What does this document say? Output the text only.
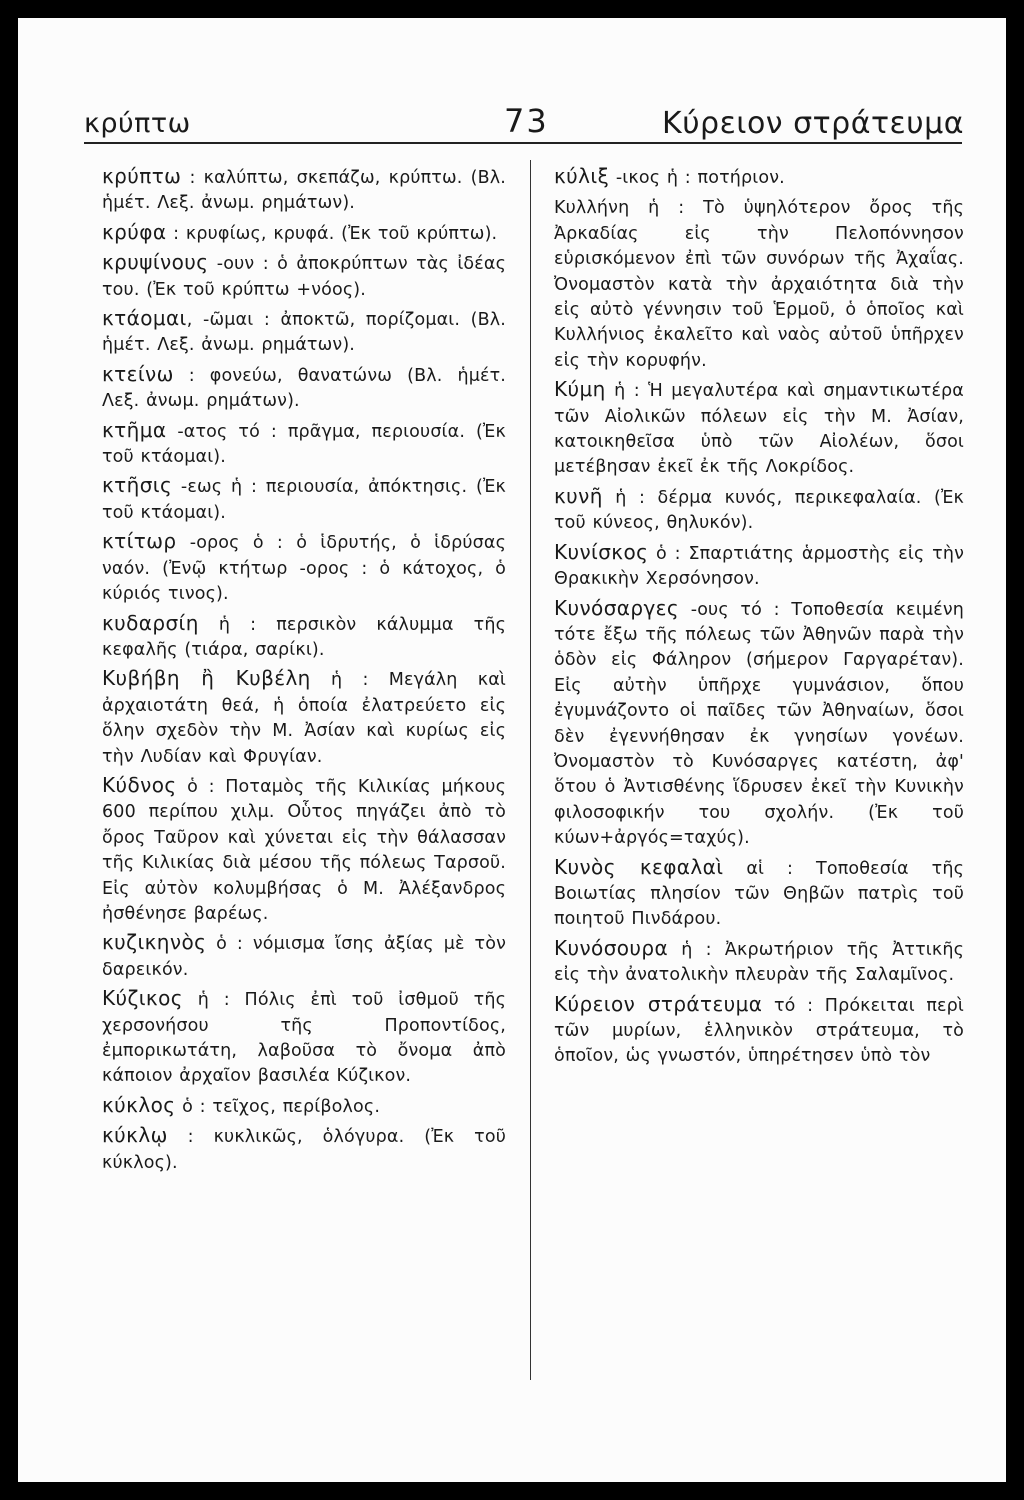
κρύπτω	73	Κύρειον στράτευμα

κρύπτω : καλύπτω, σκεπάζω, κρύπτω. (Βλ. ἡμέτ. Λεξ. ἀνωμ. ρημάτων).

κρύφα : κρυφίως, κρυφά. (Ἐκ τοῦ κρύπτω).

κρυψίνους -ουν : ὁ ἀποκρύπτων τὰς ἰδέας του. (Ἐκ τοῦ κρύπτω +νόος).

κτάομαι, -ῶμαι : ἀποκτῶ, πορίζομαι. (Βλ. ἡμέτ. Λεξ. ἀνωμ. ρημάτων).

κτείνω : φονεύω, θανατώνω (Βλ. ἡμέτ. Λεξ. ἀνωμ. ρημάτων).

κτῆμα -ατος τό : πρᾶγμα, περιουσία. (Ἐκ τοῦ κτάομαι).

κτῆσις -εως ἡ : περιουσία, ἀπόκτησις. (Ἐκ τοῦ κτάομαι).

κτίτωρ -ορος ὁ : ὁ ἱδρυτής, ὁ ἱδρύσας ναόν. (Ἐνῷ κτήτωρ -ορος : ὁ κάτοχος, ὁ κύριός τινος).

κυδαρσίη ἡ : περσικὸν κάλυμμα τῆς κεφαλῆς (τιάρα, σαρίκι).

Κυβήβη ἢ Κυβέλη ἡ : Μεγάλη καὶ ἀρχαιοτάτη θεά, ἡ ὁποία ἐλατρεύετο εἰς ὅλην σχεδὸν τὴν Μ. Ἀσίαν καὶ κυρίως εἰς τὴν Λυδίαν καὶ Φρυγίαν.

Κύδνος ὁ : Ποταμὸς τῆς Κιλικίας μήκους 600 περίπου χιλμ. Οὗτος πηγάζει ἀπὸ τὸ ὄρος Ταῦρον καὶ χύνεται εἰς τὴν θάλασσαν τῆς Κιλικίας διὰ μέσου τῆς πόλεως Ταρσοῦ. Εἰς αὐτὸν κολυμβήσας ὁ Μ. Ἀλέξανδρος ἠσθένησε βαρέως.

κυζικηνὸς ὁ : νόμισμα ἴσης ἀξίας μὲ τὸν δαρεικόν.

Κύζικος ἡ : Πόλις ἐπὶ τοῦ ἰσθμοῦ τῆς χερσονήσου τῆς Προποντίδος, ἐμπορικωτάτη, λαβοῦσα τὸ ὄνομα ἀπὸ κάποιον ἀρχαῖον βασιλέα Κύζικον.

κύκλος ὁ : τεῖχος, περίβολος.

κύκλῳ : κυκλικῶς, ὁλόγυρα. (Ἐκ τοῦ κύκλος).

κύλιξ -ικος ἡ : ποτήριον.

Κυλλήνη ἡ : Τὸ ὑψηλότερον ὄρος τῆς Ἀρκαδίας εἰς τὴν Πελοπόννησον εὑρισκόμενον ἐπὶ τῶν συνόρων τῆς Ἀχαΐας. Ὀνομαστὸν κατὰ τὴν ἀρχαιότητα διὰ τὴν εἰς αὐτὸ γέννησιν τοῦ Ἑρμοῦ, ὁ ὁποῖος καὶ Κυλλήνιος ἐκαλεῖτο καὶ ναὸς αὐτοῦ ὑπῆρχεν εἰς τὴν κορυφήν.

Κύμη ἡ : Ἡ μεγαλυτέρα καὶ σημαντικωτέρα τῶν Αἰολικῶν πόλεων εἰς τὴν Μ. Ἀσίαν, κατοικηθεῖσα ὑπὸ τῶν Αἰολέων, ὅσοι μετέβησαν ἐκεῖ ἐκ τῆς Λοκρίδος.

κυνῆ ἡ : δέρμα κυνός, περικεφαλαία. (Ἐκ τοῦ κύνεος, θηλυκόν).

Κυνίσκος ὁ : Σπαρτιάτης ἁρμοστὴς εἰς τὴν Θρακικὴν Χερσόνησον.

Κυνόσαργες -ους τό : Τοποθεσία κειμένη τότε ἔξω τῆς πόλεως τῶν Ἀθηνῶν παρὰ τὴν ὁδὸν εἰς Φάληρον (σήμερον Γαργαρέταν). Εἰς αὐτὴν ὑπῆρχε γυμνάσιον, ὅπου ἐγυμνάζοντο οἱ παῖδες τῶν Ἀθηναίων, ὅσοι δὲν ἐγεννήθησαν ἐκ γνησίων γονέων. Ὀνομαστὸν τὸ Κυνόσαργες κατέστη, ἀφ' ὅτου ὁ Ἀντισθένης ἵδρυσεν ἐκεῖ τὴν Κυνικὴν φιλοσοφικήν του σχολήν. (Ἐκ τοῦ κύων+ἀργός=ταχύς).

Κυνὸς κεφαλαὶ αἱ : Τοποθεσία τῆς Βοιωτίας πλησίον τῶν Θηβῶν πατρὶς τοῦ ποιητοῦ Πινδάρου.

Κυνόσουρα ἡ : Ἀκρωτήριον τῆς Ἀττικῆς εἰς τὴν ἀνατολικὴν πλευρὰν τῆς Σαλαμῖνος.

Κύρειον στράτευμα τό : Πρόκειται περὶ τῶν μυρίων, ἑλληνικὸν στράτευμα, τὸ ὁποῖον, ὡς γνωστόν, ὑπηρέτησεν ὑπὸ τὸν
